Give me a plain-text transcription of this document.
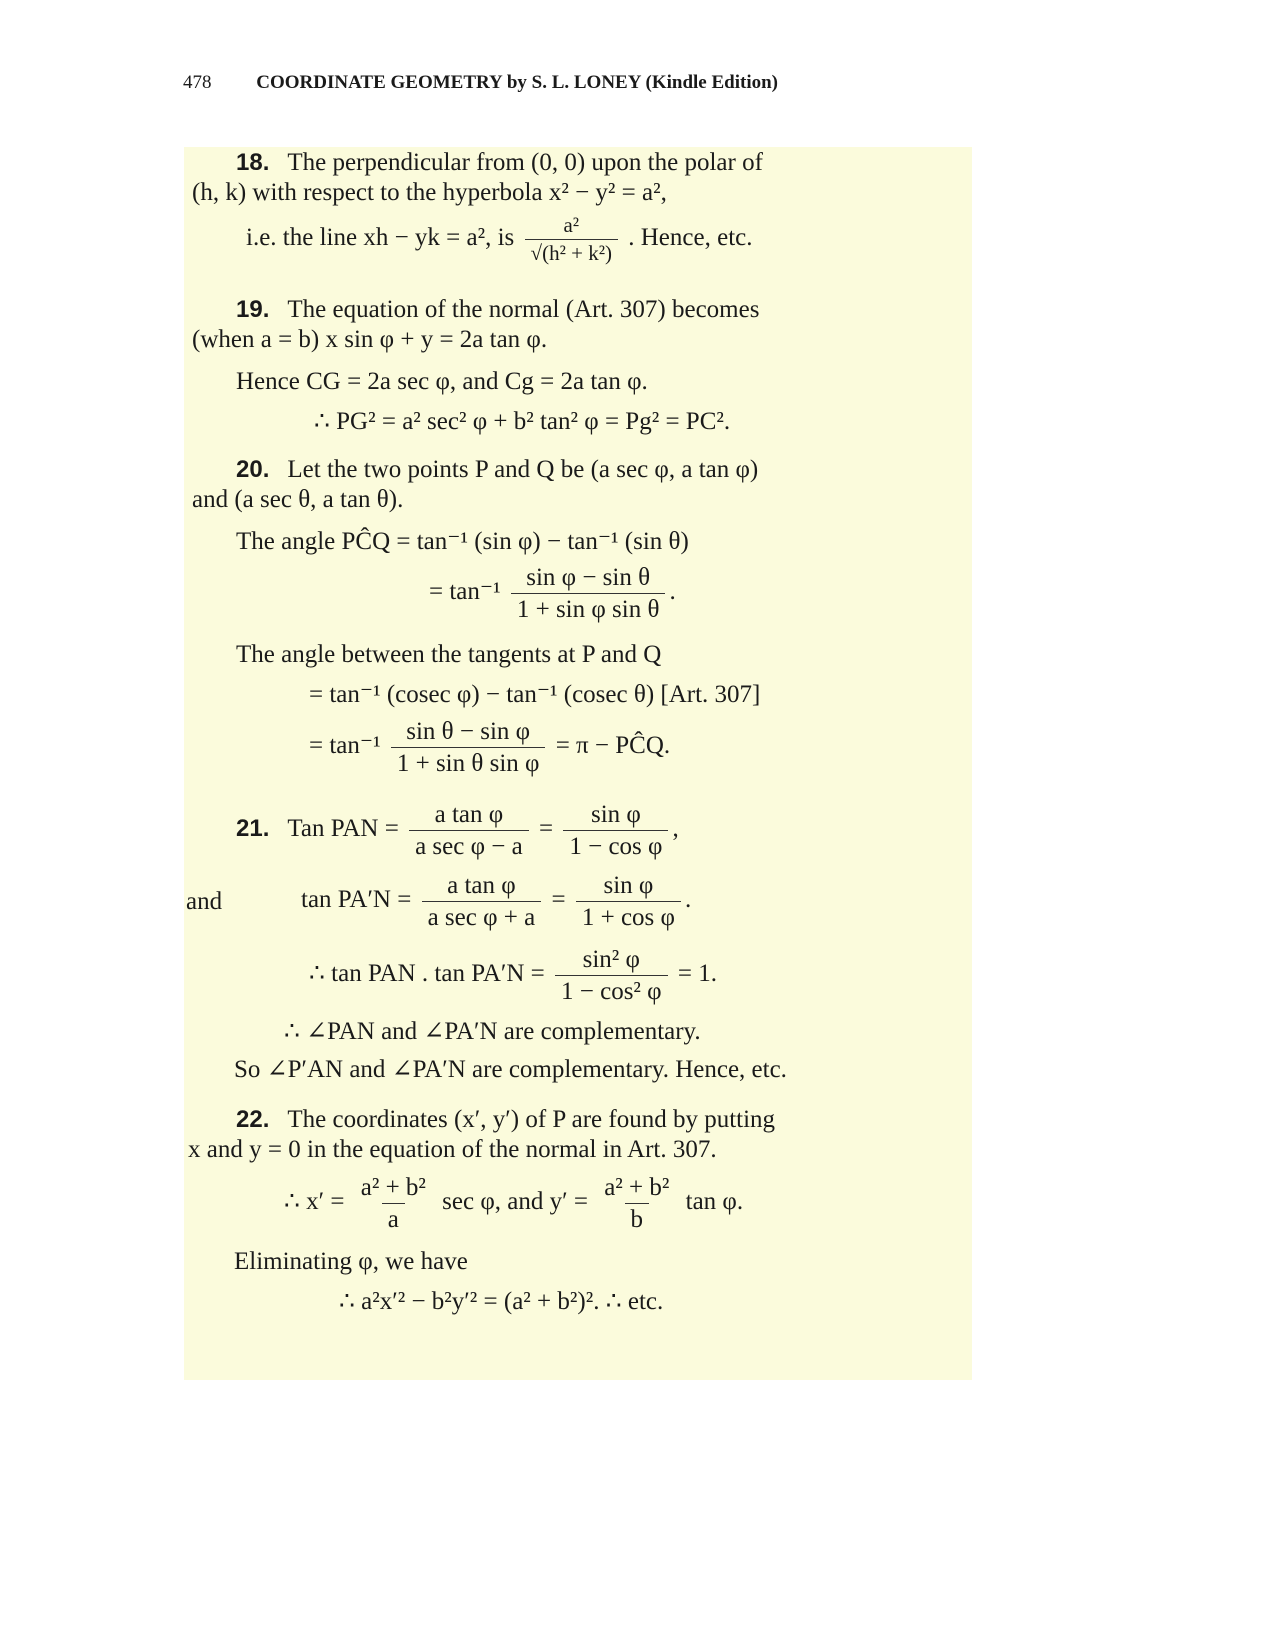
478 COORDINATE GEOMETRY by S. L. LONEY (Kindle Edition)
18. The perpendicular from (0, 0) upon the polar of
(h, k) with respect to the hyperbola x² − y² = a²,
i.e. the line xh − yk = a², is $\frac{\text{a²}}{\text{√(h² + k²)}}$ . Hence, etc.
19. The equation of the normal (Art. 307) becomes
(when a = b) x sin φ + y = 2a tan φ.
Hence CG = 2a sec φ, and Cg = 2a tan φ.
∴ PG² = a² sec² φ + b² tan² φ = Pg² = PC².
20. Let the two points P and Q be (a sec φ, a tan φ)
and (a sec θ, a tan θ).
The angle PĈQ = tan⁻¹ (sin φ) − tan⁻¹ (sin θ)
= $\tan^{-1} \frac{\text{sin φ − sin θ}}{\text{1 + sin φ sin θ}}$ .
The angle between the tangents at P and Q
= tan⁻¹ (cosec φ) − tan⁻¹ (cosec θ) [Art. 307]
= $\tan^{-1} \frac{\text{sin θ − sin φ}}{\text{1 + sin θ sin φ}} = \pi$ − PĈQ.
21. Tan PAN = $\frac{\text{a tan φ}}{\text{a sec φ − a}} = \frac{\text{sin φ}}{\text{1 − cos φ}}$ ,
and	$\tan PA'N = \frac{\text{a tan φ}}{\text{a sec φ + a}} = \frac{\text{sin φ}}{\text{1 + cos φ}}$ .
∴ tan PAN . $\tan PA'N = \frac{\text{sin² φ}}{\text{1 − cos² φ}} = 1$.
∴ ∠PAN and ∠PA′N are complementary.
So ∠P′AN and ∠PA′N are complementary. Hence, etc.
22. The coordinates (x′, y′) of P are found by putting
x and y = 0 in the equation of the normal in Art. 307.
∴ $x' = \frac{\text{a² + b²}}{a}$ sec φ, and $y' = \frac{\text{a² + b²}}{b}$ tan φ.
Eliminating φ, we have
∴ a²x′² − b²y′² = (a² + b²)². ∴ etc.
